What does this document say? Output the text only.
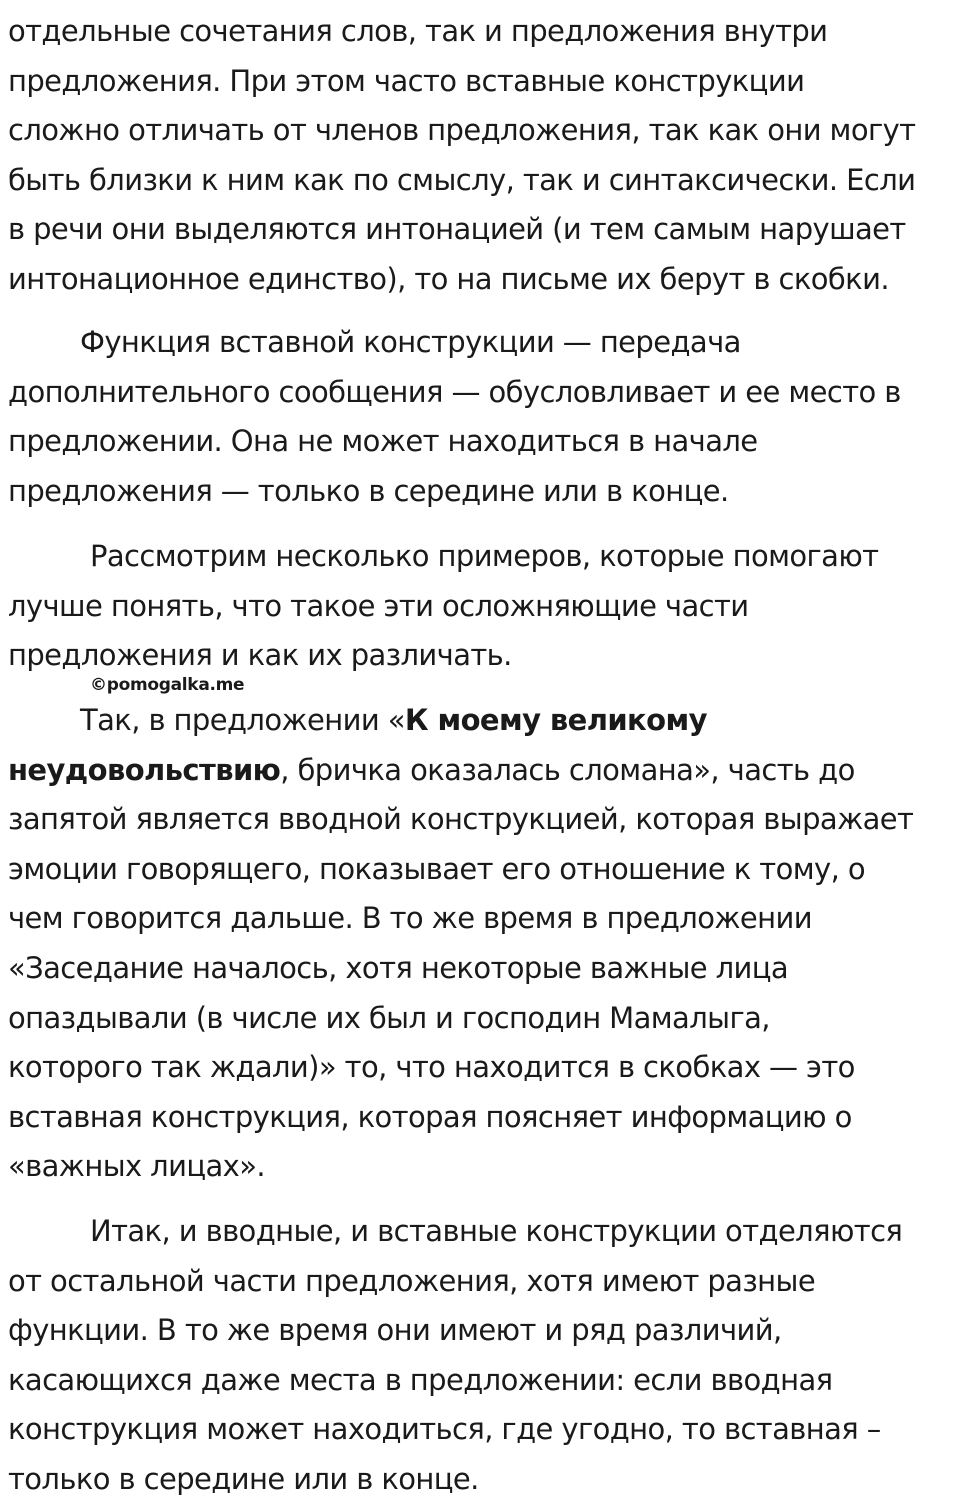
отдельные сочетания слов, так и предложения внутри
предложения. При этом часто вставные конструкции
сложно отличать от членов предложения, так как они могут
быть близки к ним как по смыслу, так и синтаксически. Если
в речи они выделяются интонацией (и тем самым нарушает
интонационное единство), то на письме их берут в скобки.

Функция вставной конструкции — передача
дополнительного сообщения — обусловливает и ее место в
предложении. Она не может находиться в начале
предложения — только в середине или в конце.

Рассмотрим несколько примеров, которые помогают
лучше понять, что такое эти осложняющие части
предложения и как их различать.

©pomogalka.me

Так, в предложении «К моему великому
неудовольствию, бричка оказалась сломана», часть до
запятой является вводной конструкцией, которая выражает
эмоции говорящего, показывает его отношение к тому, о
чем говорится дальше. В то же время в предложении
«Заседание началось, хотя некоторые важные лица
опаздывали (в числе их был и господин Мамалыга,
которого так ждали)» то, что находится в скобках — это
вставная конструкция, которая поясняет информацию о
«важных лицах».

Итак, и вводные, и вставные конструкции отделяются
от остальной части предложения, хотя имеют разные
функции. В то же время они имеют и ряд различий,
касающихся даже места в предложении: если вводная
конструкция может находиться, где угодно, то вставная –
только в середине или в конце.
